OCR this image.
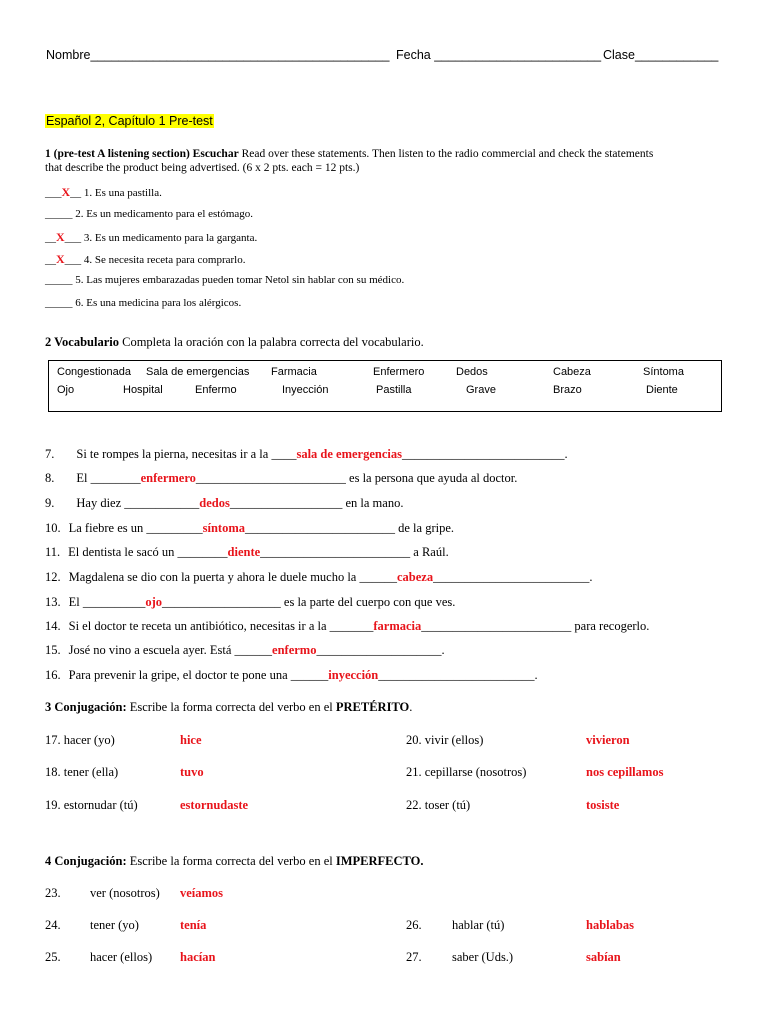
Nombre___________________________________________ Fecha ________________________ Clase____________
Español 2, Capítulo 1 Pre-test
1 (pre-test A listening section) Escuchar Read over these statements. Then listen to the radio commercial and check the statements
that describe the product being advertised. (6 x 2 pts. each = 12 pts.)
___X__ 1. Es una pastilla.
_____ 2. Es un medicamento para el estómago.
__X___ 3. Es un medicamento para la garganta.
__X___ 4. Se necesita receta para comprarlo.
_____ 5. Las mujeres embarazadas pueden tomar Netol sin hablar con su médico.
_____ 6. Es una medicina para los alérgicos.
2 Vocabulario Completa la oración con la palabra correcta del vocabulario.
Congestionada Sala de emergencias Farmacia	Enfermero	Dedos	Cabeza	Síntoma
Ojo	Hospital	Enfermo	Inyección	Pastilla	Grave	Brazo	Diente
7. Si te rompes la pierna, necesitas ir a la ____sala de emergencias__________________________.
8. El ________enfermero________________________ es la persona que ayuda al doctor.
9. Hay diez ____________dedos__________________ en la mano.
10. La fiebre es un _________síntoma________________________ de la gripe.
11. El dentista le sacó un ________diente________________________ a Raúl.
12. Magdalena se dio con la puerta y ahora le duele mucho la ______cabeza_________________________.
13. El __________ojo___________________ es la parte del cuerpo con que ves.
14. Si el doctor te receta un antibiótico, necesitas ir a la _______farmacia________________________ para recogerlo.
15. José no vino a escuela ayer. Está ______enfermo____________________.
16. Para prevenir la gripe, el doctor te pone una ______inyección_________________________.
3 Conjugación: Escribe la forma correcta del verbo en el PRETÉRITO.
17. hacer (yo)	hice
18. tener (ella)	tuvo
19. estornudar (tú)	estornudaste
20. vivir (ellos)	vivieron
21. cepillarse (nosotros)	nos cepillamos
22. toser (tú)	tosiste
4 Conjugación: Escribe la forma correcta del verbo en el IMPERFECTO.
23. ver (nosotros) veíamos
24. tener (yo)	tenía
25. hacer (ellos) hacían
26. hablar (tú)	hablabas
27. saber (Uds.)	sabían
